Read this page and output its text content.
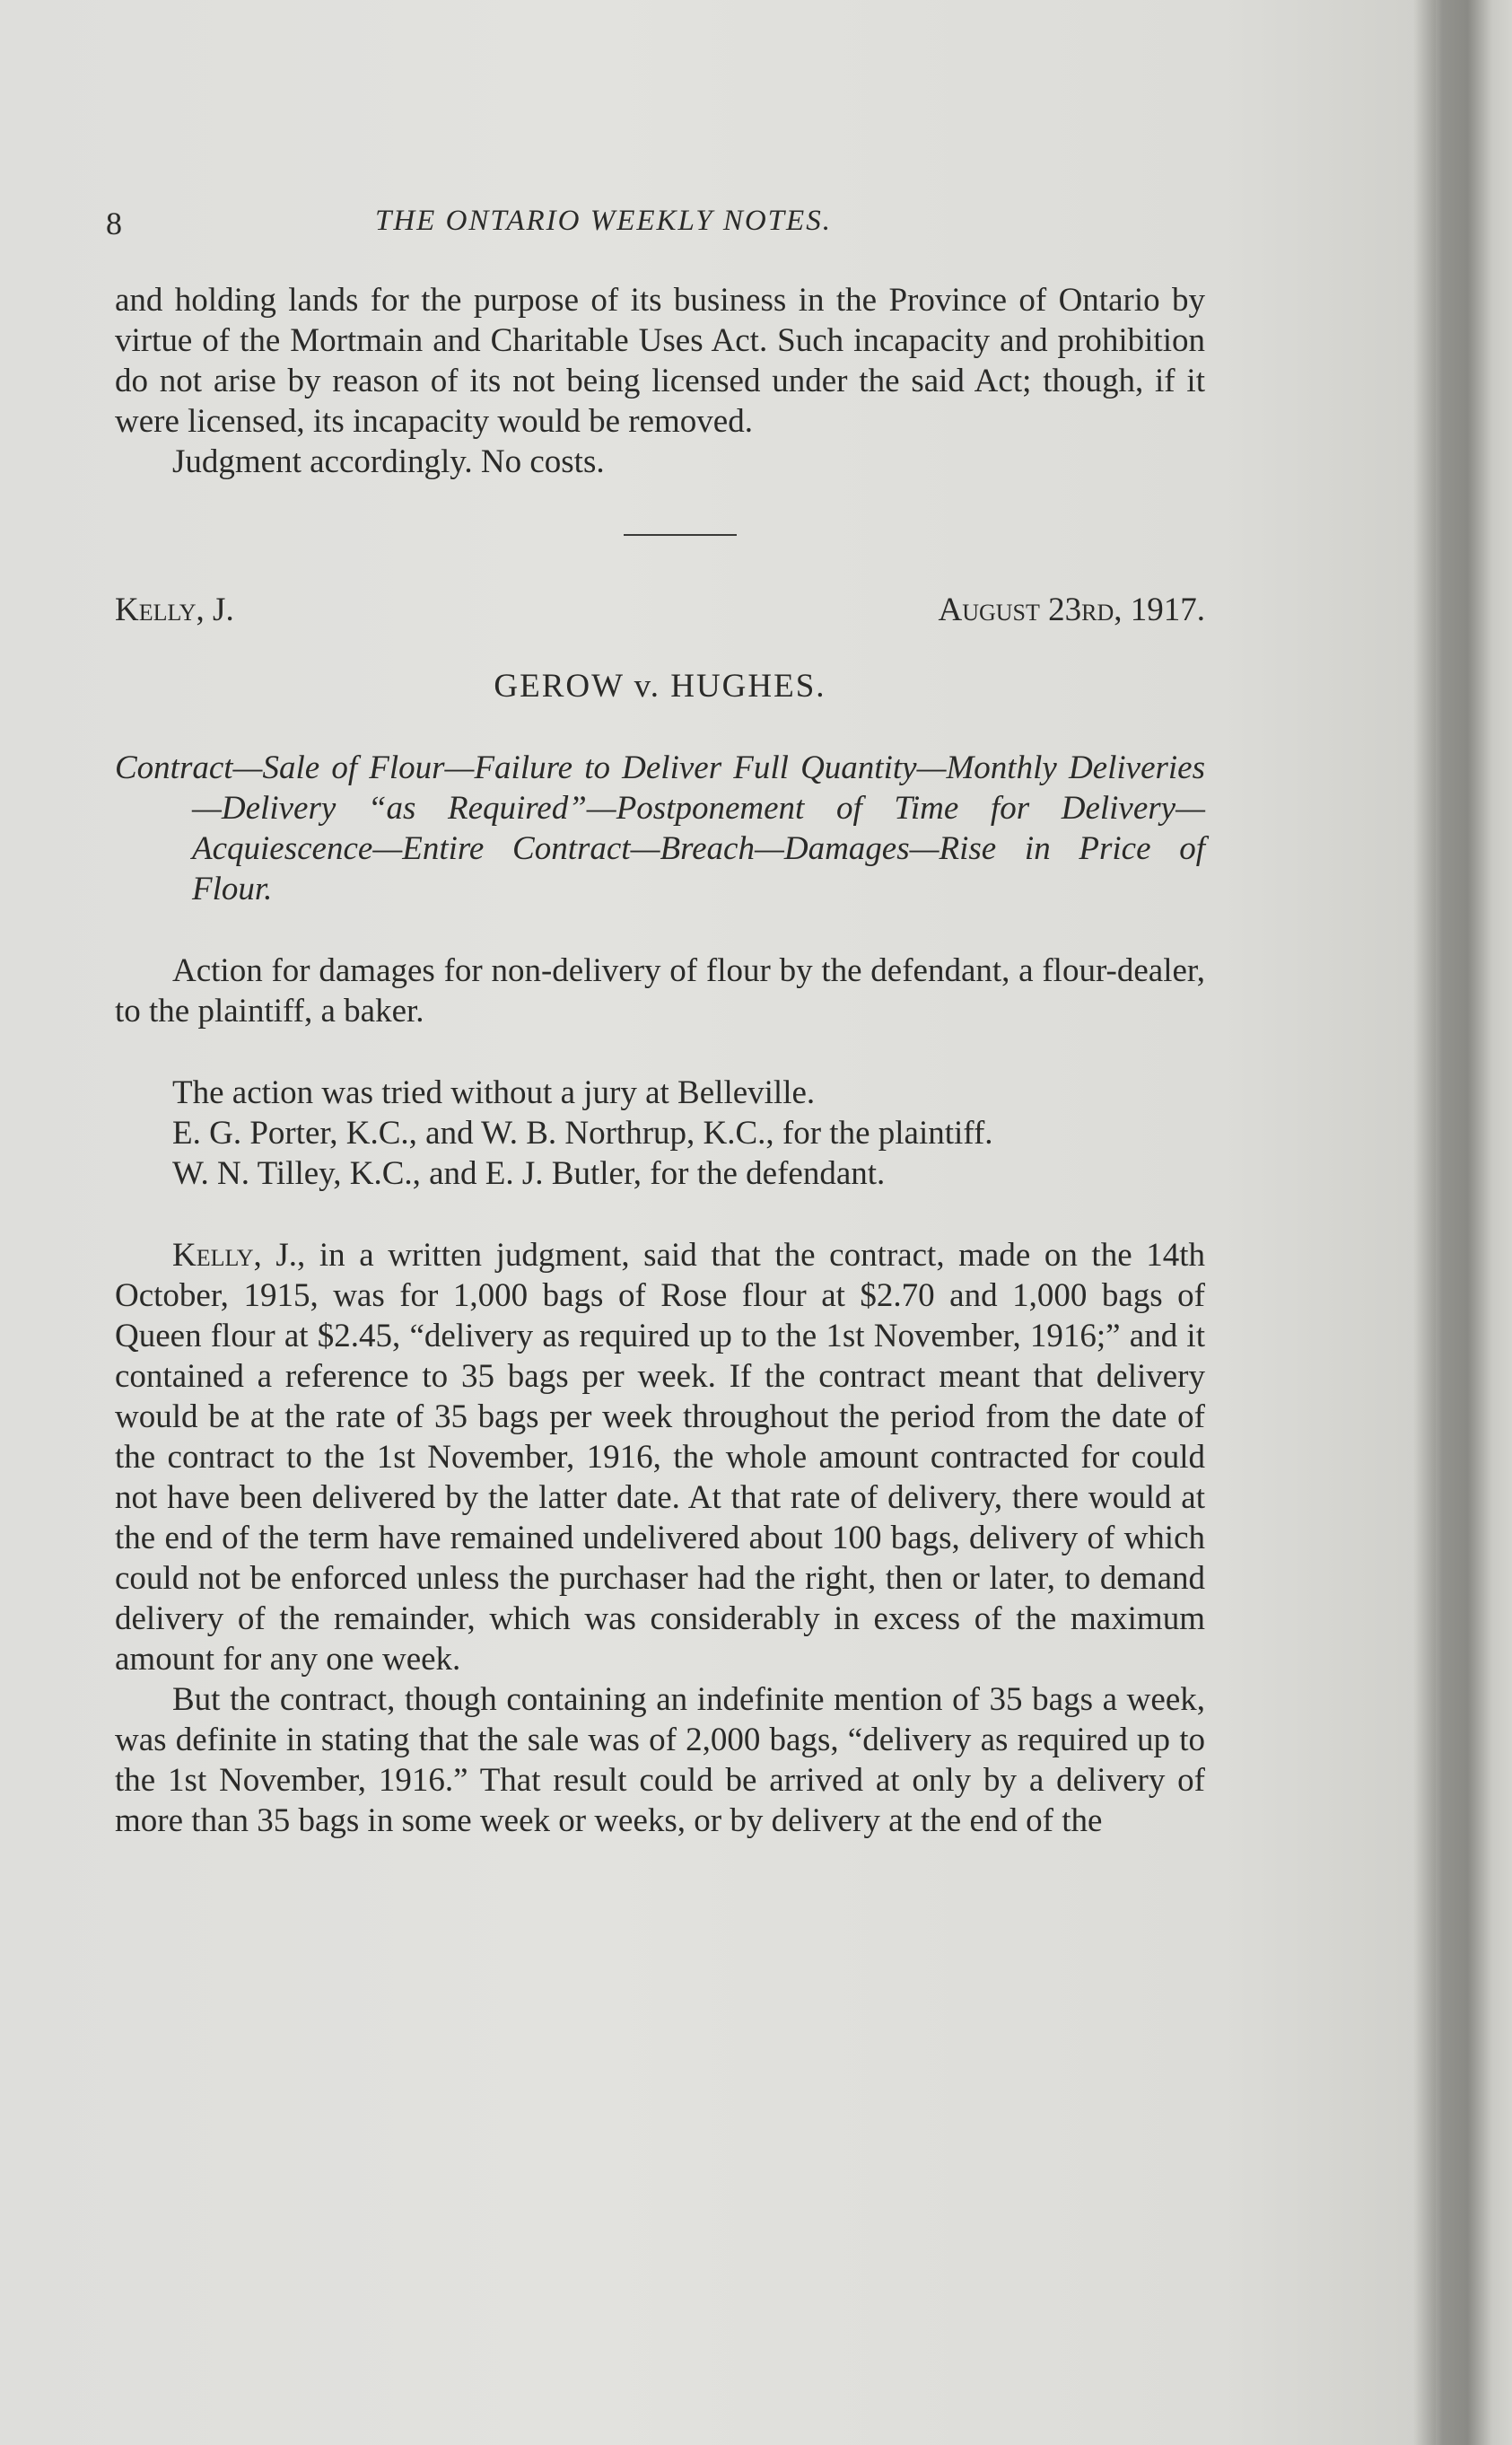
8	THE ONTARIO WEEKLY NOTES.

and holding lands for the purpose of its business in the Province of Ontario by virtue of the Mortmain and Charitable Uses Act. Such incapacity and prohibition do not arise by reason of its not being licensed under the said Act; though, if it were licensed, its incapacity would be removed.

Judgment accordingly. No costs.

Kelly, J.	August 23rd, 1917.
GEROW v. HUGHES.

Contract—Sale of Flour—Failure to Deliver Full Quantity—Monthly Deliveries—Delivery “as Required”—Postponement of Time for Delivery—Acquiescence—Entire Contract—Breach—Damages—Rise in Price of Flour.

Action for damages for non-delivery of flour by the defendant, a flour-dealer, to the plaintiff, a baker.

The action was tried without a jury at Belleville.

E. G. Porter, K.C., and W. B. Northrup, K.C., for the plaintiff.

W. N. Tilley, K.C., and E. J. Butler, for the defendant.

Kelly, J., in a written judgment, said that the contract, made on the 14th October, 1915, was for 1,000 bags of Rose flour at $2.70 and 1,000 bags of Queen flour at $2.45, “delivery as required up to the 1st November, 1916;” and it contained a reference to 35 bags per week. If the contract meant that delivery would be at the rate of 35 bags per week throughout the period from the date of the contract to the 1st November, 1916, the whole amount contracted for could not have been delivered by the latter date. At that rate of delivery, there would at the end of the term have remained undelivered about 100 bags, delivery of which could not be enforced unless the purchaser had the right, then or later, to demand delivery of the remainder, which was considerably in excess of the maximum amount for any one week.

But the contract, though containing an indefinite mention of 35 bags a week, was definite in stating that the sale was of 2,000 bags, “delivery as required up to the 1st November, 1916.” That result could be arrived at only by a delivery of more than 35 bags in some week or weeks, or by delivery at the end of the
